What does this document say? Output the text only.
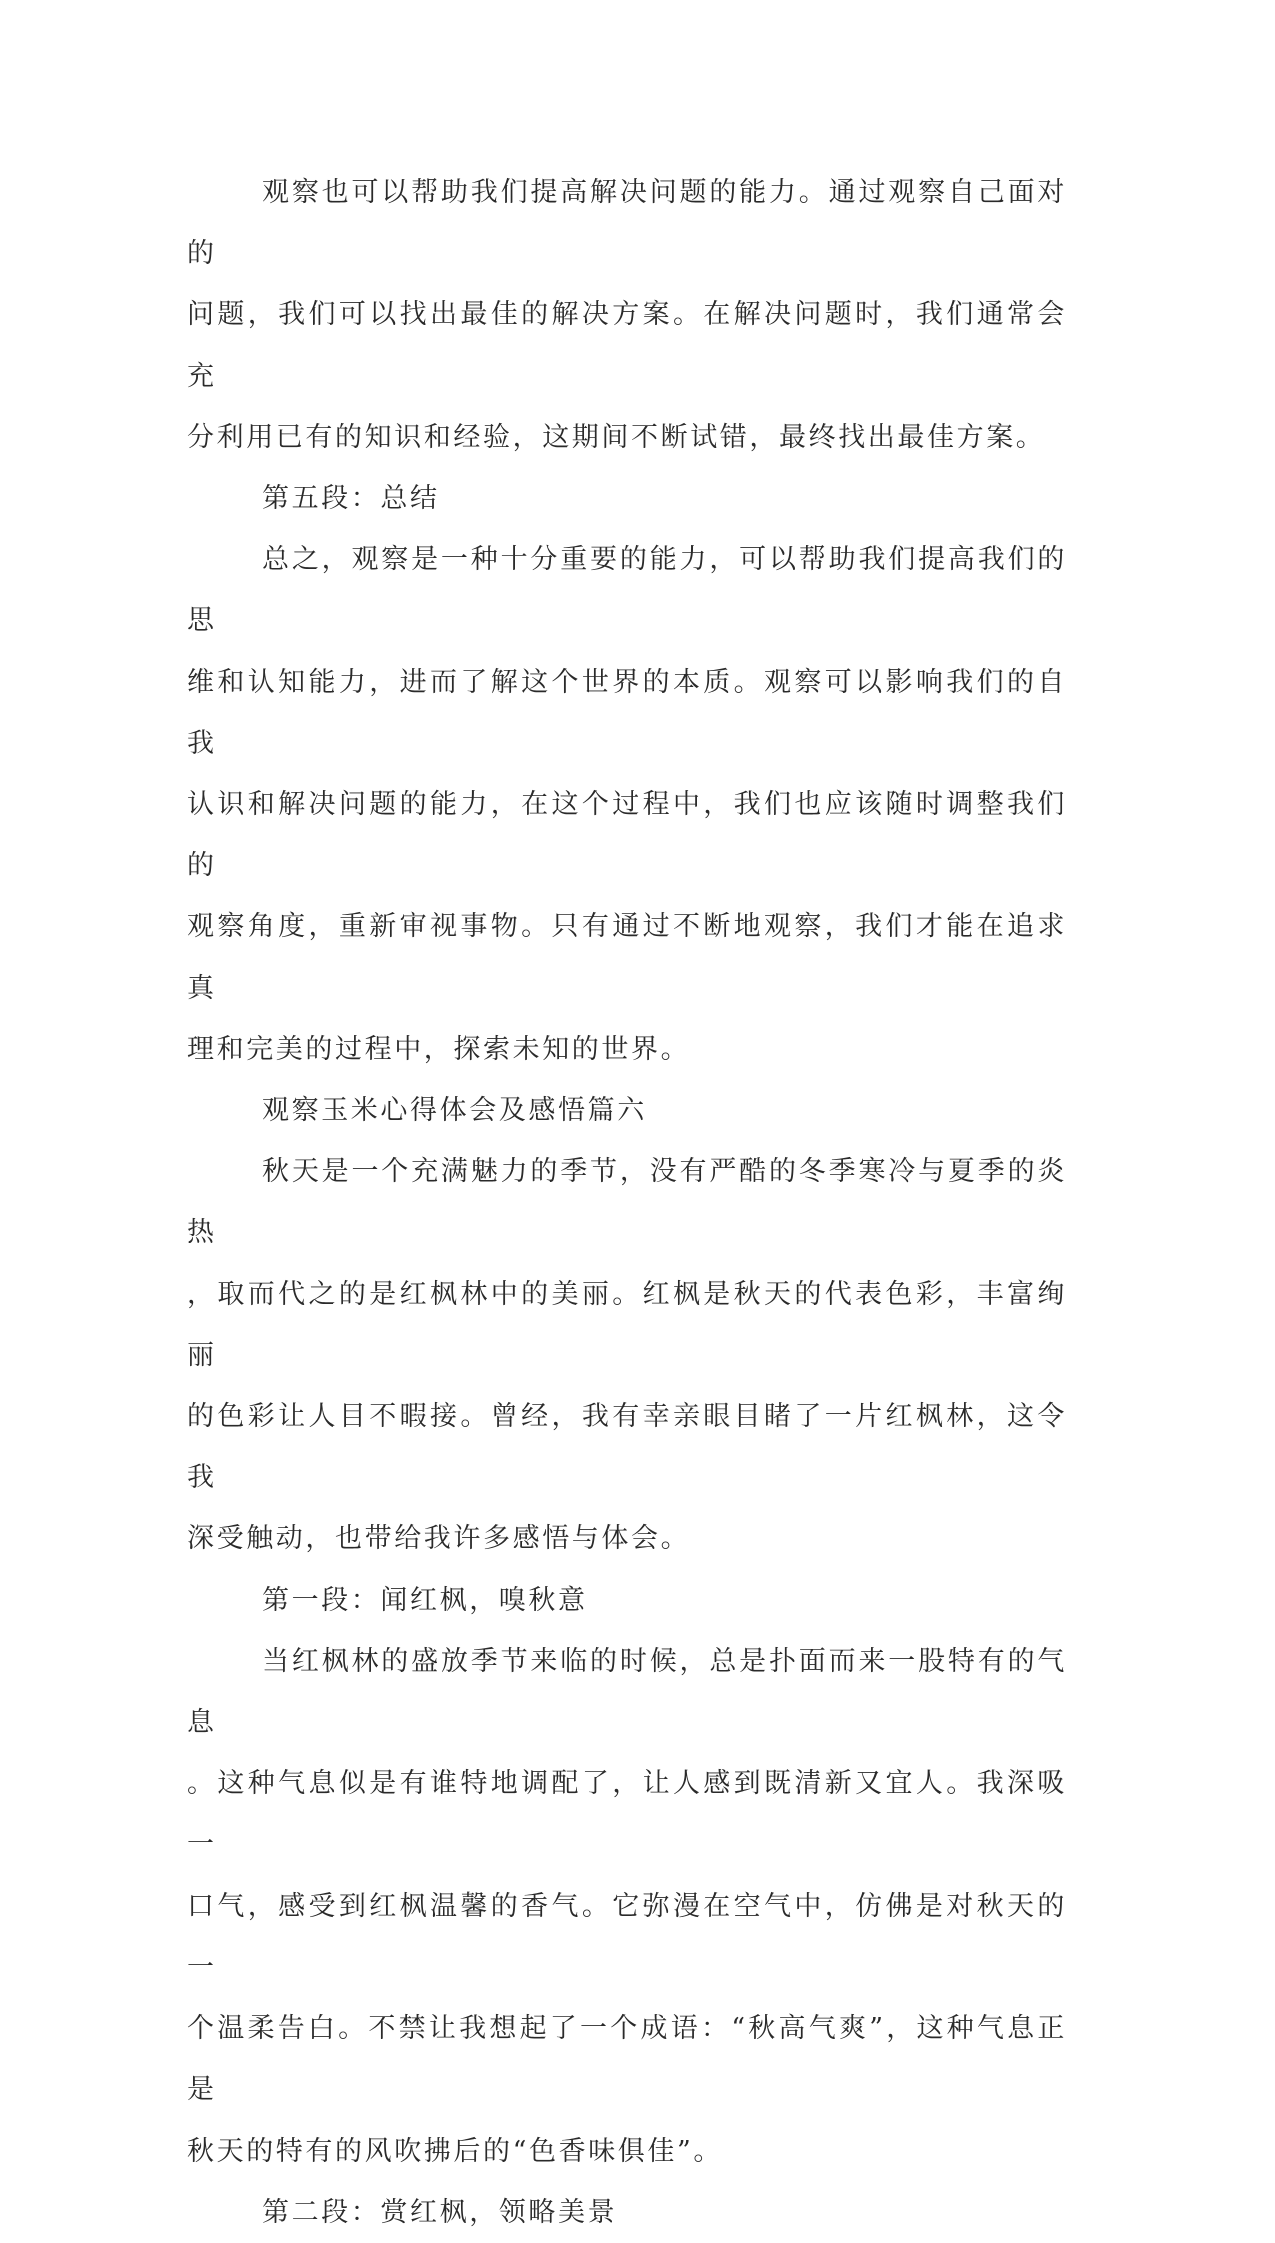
观察也可以帮助我们提高解决问题的能力。通过观察自己面对的
问题，我们可以找出最佳的解决方案。在解决问题时，我们通常会充
分利用已有的知识和经验，这期间不断试错，最终找出最佳方案。

第五段：总结

总之，观察是一种十分重要的能力，可以帮助我们提高我们的思
维和认知能力，进而了解这个世界的本质。观察可以影响我们的自我
认识和解决问题的能力，在这个过程中，我们也应该随时调整我们的
观察角度，重新审视事物。只有通过不断地观察，我们才能在追求真
理和完美的过程中，探索未知的世界。

观察玉米心得体会及感悟篇六

秋天是一个充满魅力的季节，没有严酷的冬季寒冷与夏季的炎热
，取而代之的是红枫林中的美丽。红枫是秋天的代表色彩，丰富绚丽
的色彩让人目不暇接。曾经，我有幸亲眼目睹了一片红枫林，这令我
深受触动，也带给我许多感悟与体会。

第一段：闻红枫，嗅秋意

当红枫林的盛放季节来临的时候，总是扑面而来一股特有的气息
。这种气息似是有谁特地调配了，让人感到既清新又宜人。我深吸一
口气，感受到红枫温馨的香气。它弥漫在空气中，仿佛是对秋天的一
个温柔告白。不禁让我想起了一个成语：“秋高气爽”，这种气息正是
秋天的特有的风吹拂后的“色香味俱佳”。

第二段：赏红枫，领略美景
